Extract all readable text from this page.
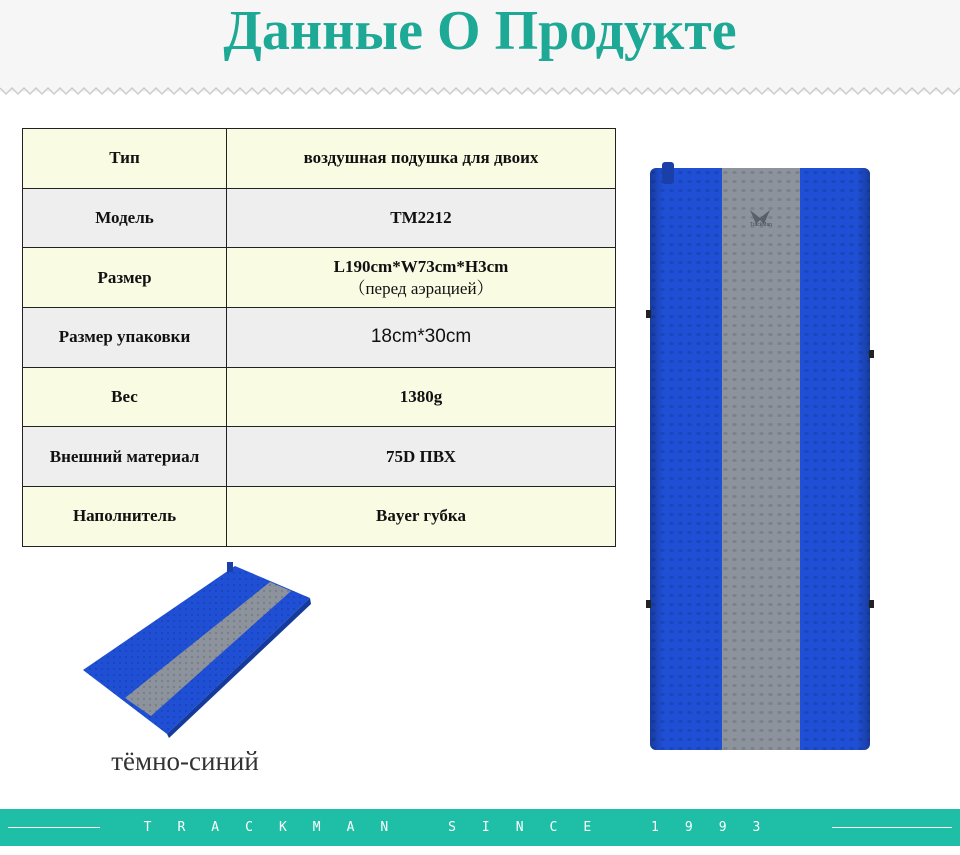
Данные О Продукте
Тип	воздушная подушка для двоих
Модель	TM2212
Размер	L190cm*W73cm*H3cm
（перед аэрацией）

Размер упаковки	18cm*30cm
Вес	1380g
Внешний материал	75D ПВХ
Наполнитель	Bayer губка
TrackMan
тёмно-синий
TRACKMAN SINCE 1993
